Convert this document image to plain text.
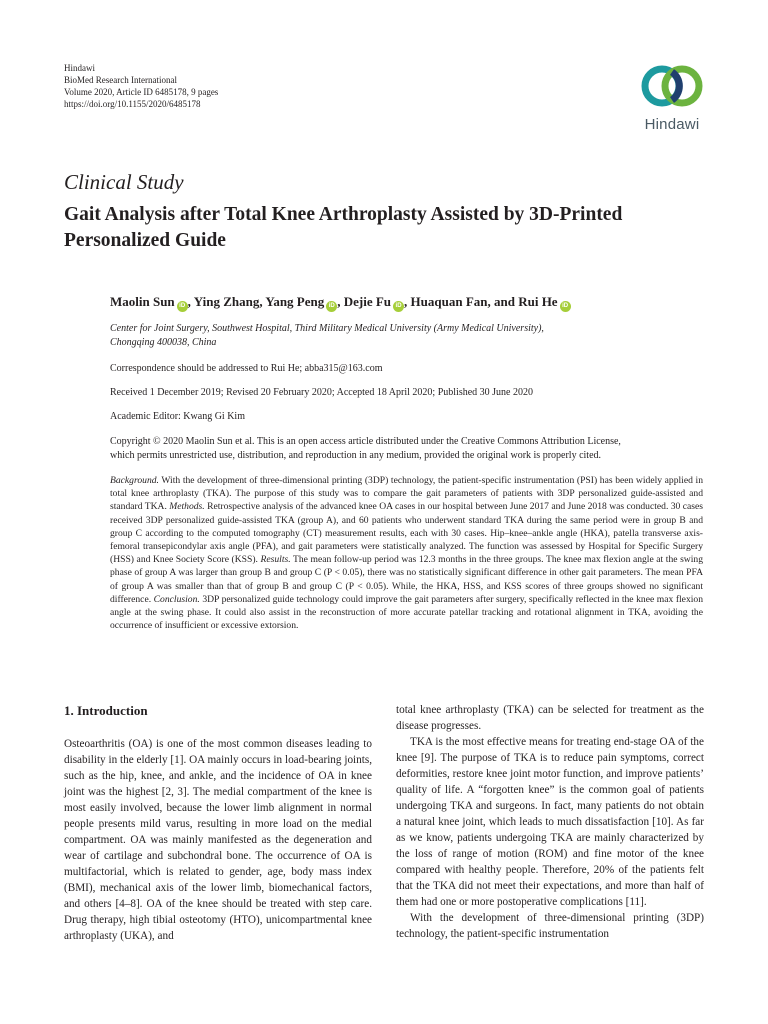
Hindawi
BioMed Research International
Volume 2020, Article ID 6485178, 9 pages
https://doi.org/10.1155/2020/6485178
Hindawi
Clinical Study
Gait Analysis after Total Knee Arthroplasty Assisted by 3D-Printed Personalized Guide
Maolin Sun iD , Ying Zhang, Yang Peng iD , Dejie Fu iD , Huaquan Fan, and Rui He iD
Center for Joint Surgery, Southwest Hospital, Third Military Medical University (Army Medical University),
Chongqing 400038, China
Correspondence should be addressed to Rui He; abba315@163.com
Received 1 December 2019; Revised 20 February 2020; Accepted 18 April 2020; Published 30 June 2020
Academic Editor: Kwang Gi Kim
Copyright © 2020 Maolin Sun et al. This is an open access article distributed under the Creative Commons Attribution License,
which permits unrestricted use, distribution, and reproduction in any medium, provided the original work is properly cited.
Background. With the development of three-dimensional printing (3DP) technology, the patient-specific instrumentation (PSI) has been widely applied in total knee arthroplasty (TKA). The purpose of this study was to compare the gait parameters of patients with 3DP personalized guide-assisted and standard TKA. Methods. Retrospective analysis of the advanced knee OA cases in our hospital between June 2017 and June 2018 was conducted. 30 cases received 3DP personalized guide-assisted TKA (group A), and 60 patients who underwent standard TKA during the same period were in group B and group C according to the computed tomography (CT) measurement results, each with 30 cases. Hip–knee–ankle angle (HKA), patella transverse axis-femoral transepicondylar axis angle (PFA), and gait parameters were statistically analyzed. The function was assessed by Hospital for Specific Surgery (HSS) and Knee Society Score (KSS). Results. The mean follow-up period was 12.3 months in the three groups. The knee max flexion angle at the swing phase of group A was larger than group B and group C (P < 0.05), there was no statistically significant difference in other gait parameters. The mean PFA of group A was smaller than that of group B and group C (P < 0.05). While, the HKA, HSS, and KSS scores of three groups showed no significant difference. Conclusion. 3DP personalized guide technology could improve the gait parameters after surgery, specifically reflected in the knee max flexion angle at the swing phase. It could also assist in the reconstruction of more accurate patellar tracking and rotational alignment in TKA, avoiding the occurrence of insufficient or excessive extorsion.
1. Introduction

Osteoarthritis (OA) is one of the most common diseases leading to disability in the elderly [1]. OA mainly occurs in load-bearing joints, such as the hip, knee, and ankle, and the incidence of OA in knee joint was the highest [2, 3]. The medial compartment of the knee is most easily involved, because the lower limb alignment in normal people presents mild varus, resulting in more load on the medial compartment. OA was mainly manifested as the degeneration and wear of cartilage and subchondral bone. The occurrence of OA is multifactorial, which is related to gender, age, body mass index (BMI), mechanical axis of the lower limb, biomechanical factors, and others [4–8]. OA of the knee should be treated with step care. Drug therapy, high tibial osteotomy (HTO), unicompartmental knee arthroplasty (UKA), and

total knee arthroplasty (TKA) can be selected for treatment as the disease progresses.

TKA is the most effective means for treating end-stage OA of the knee [9]. The purpose of TKA is to reduce pain symptoms, correct deformities, restore knee joint motor function, and improve patients’ quality of life. A “forgotten knee” is the common goal of patients undergoing TKA and surgeons. In fact, many patients do not obtain a natural knee joint, which leads to much dissatisfaction [10]. As far as we know, patients undergoing TKA are mainly characterized by the loss of range of motion (ROM) and fine motor of the knee compared with healthy people. Therefore, 20% of the patients felt that the TKA did not meet their expectations, and more than half of them had one or more postoperative complications [11].

With the development of three-dimensional printing (3DP) technology, the patient-specific instrumentation
